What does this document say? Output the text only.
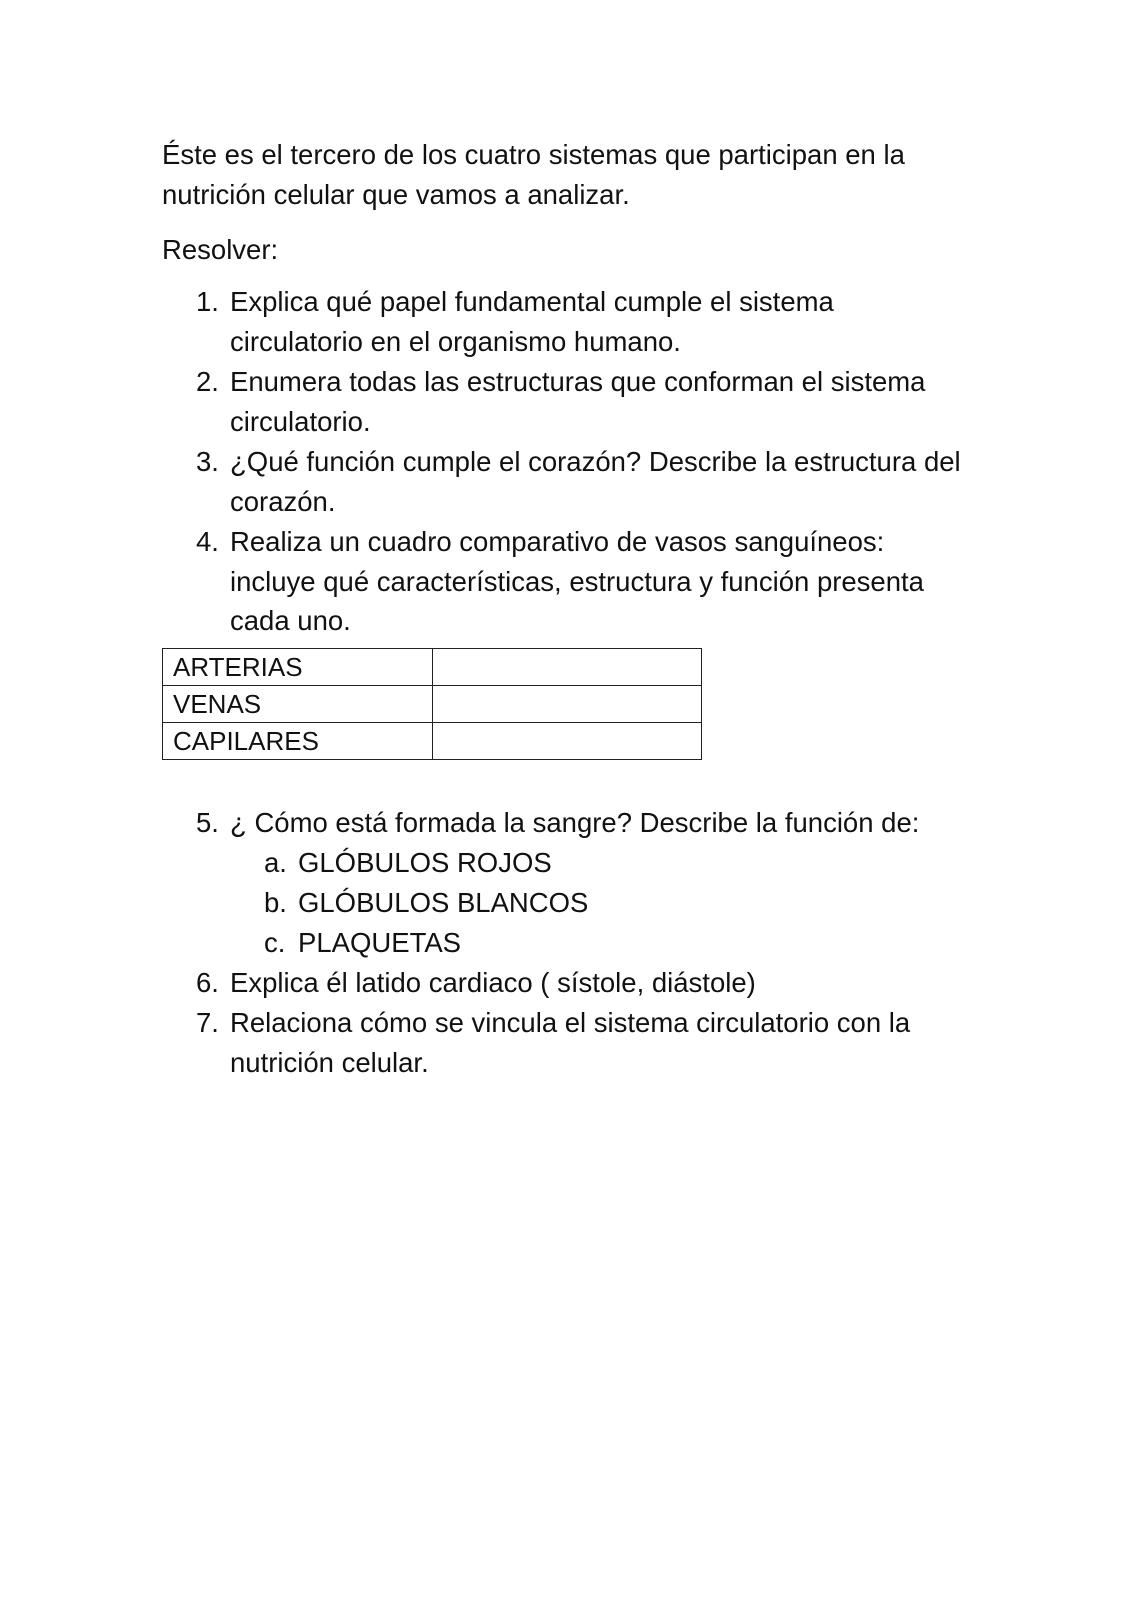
Éste es el tercero de los cuatro sistemas que participan en la
nutrición celular que vamos a analizar.
Resolver:
1. Explica qué papel fundamental cumple el sistema
circulatorio en el organismo humano.
2. Enumera todas las estructuras que conforman el sistema
circulatorio.
3. ¿Qué función cumple el corazón? Describe la estructura del
corazón.
4. Realiza un cuadro comparativo de vasos sanguíneos:
incluye qué características, estructura y función presenta
cada uno.
5. ¿ Cómo está formada la sangre? Describe la función de:
a. GLÓBULOS ROJOS
b. GLÓBULOS BLANCOS
c. PLAQUETAS
6. Explica él latido cardiaco ( sístole, diástole)
7. Relaciona cómo se vincula el sistema circulatorio con la
nutrición celular.
ARTERIAS	
VENAS	
CAPILARES	
